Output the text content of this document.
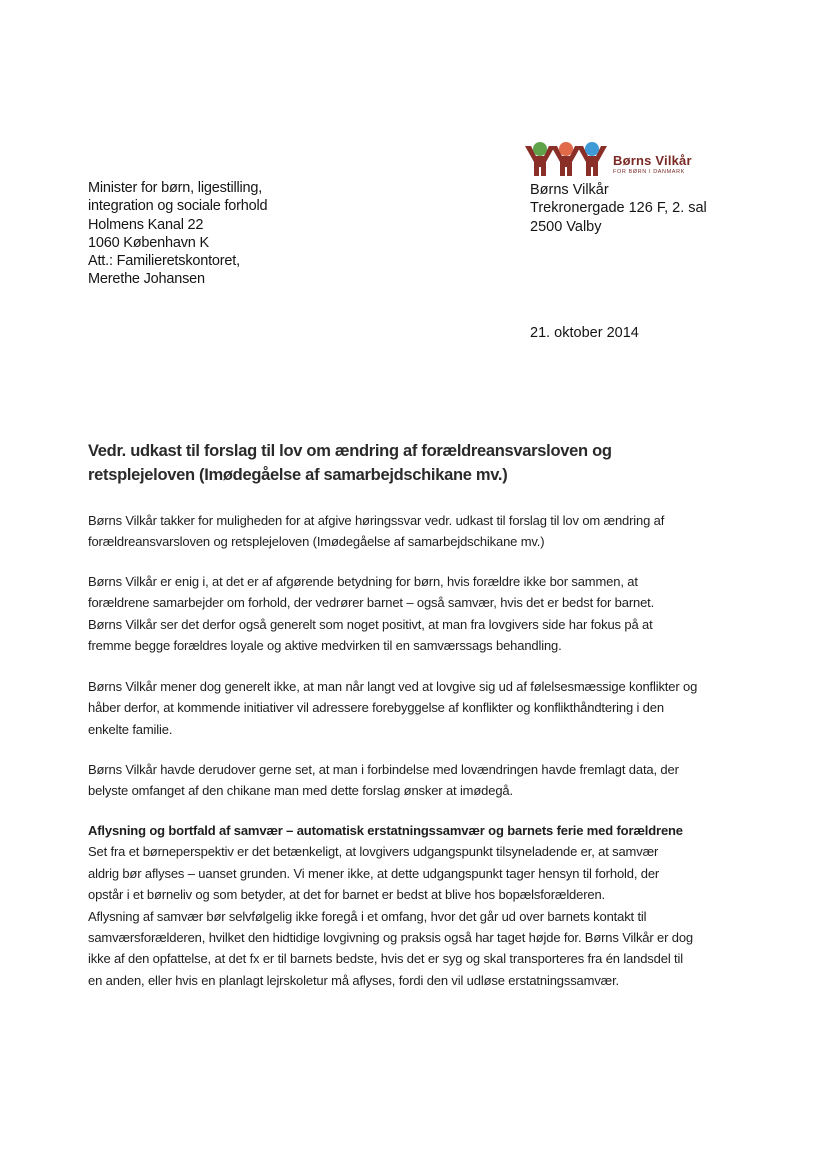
Børns Vilkår
FOR BØRN I DANMARK
Minister for børn, ligestilling,
integration og sociale forhold
Holmens Kanal 22
1060 København K
Att.: Familieretskontoret,
Merethe Johansen
Børns Vilkår
Trekronergade 126 F, 2. sal
2500 Valby
21. oktober 2014
Vedr. udkast til forslag til lov om ændring af forældreansvarsloven og
retsplejeloven (Imødegåelse af samarbejdschikane mv.)
Børns Vilkår takker for muligheden for at afgive høringssvar vedr. udkast til forslag til lov om ændring af
forældreansvarsloven og retsplejeloven (Imødegåelse af samarbejdschikane mv.)
Børns Vilkår er enig i, at det er af afgørende betydning for børn, hvis forældre ikke bor sammen, at
forældrene samarbejder om forhold, der vedrører barnet – også samvær, hvis det er bedst for barnet.
Børns Vilkår ser det derfor også generelt som noget positivt, at man fra lovgivers side har fokus på at
fremme begge forældres loyale og aktive medvirken til en samværssags behandling.
Børns Vilkår mener dog generelt ikke, at man når langt ved at lovgive sig ud af følelsesmæssige konflikter og
håber derfor, at kommende initiativer vil adressere forebyggelse af konflikter og konflikthåndtering i den
enkelte familie.
Børns Vilkår havde derudover gerne set, at man i forbindelse med lovændringen havde fremlagt data, der
belyste omfanget af den chikane man med dette forslag ønsker at imødegå.
Aflysning og bortfald af samvær – automatisk erstatningssamvær og barnets ferie med forældrene
Set fra et børneperspektiv er det betænkeligt, at lovgivers udgangspunkt tilsyneladende er, at samvær
aldrig bør aflyses – uanset grunden. Vi mener ikke, at dette udgangspunkt tager hensyn til forhold, der
opstår i et børneliv og som betyder, at det for barnet er bedst at blive hos bopælsforælderen.
Aflysning af samvær bør selvfølgelig ikke foregå i et omfang, hvor det går ud over barnets kontakt til
samværsforælderen, hvilket den hidtidige lovgivning og praksis også har taget højde for. Børns Vilkår er dog
ikke af den opfattelse, at det fx er til barnets bedste, hvis det er syg og skal transporteres fra én landsdel til
en anden, eller hvis en planlagt lejrskoletur må aflyses, fordi den vil udløse erstatningssamvær.
